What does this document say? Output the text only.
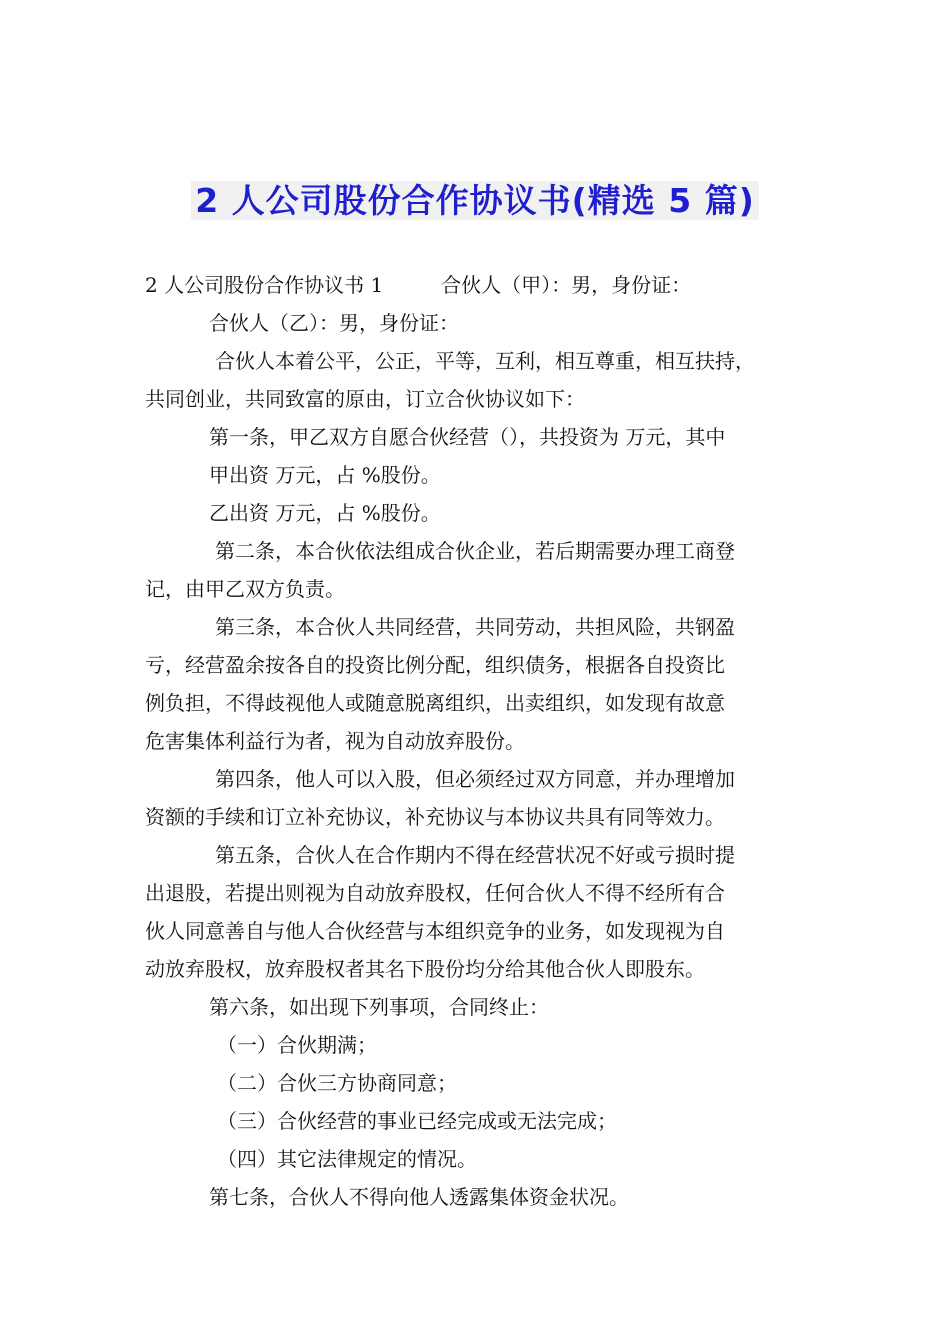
2 人公司股份合作协议书(精选 5 篇)
2 人公司股份合作协议书 1	合伙人（甲）：男，身份证：
合伙人（乙）：男，身份证：
合伙人本着公平，公正，平等，互利，相互尊重，相互扶持，
共同创业，共同致富的原由，订立合伙协议如下：
第一条，甲乙双方自愿合伙经营（），共投资为 万元，其中
甲出资 万元，占 %股份。
乙出资 万元，占 %股份。
第二条，本合伙依法组成合伙企业，若后期需要办理工商登
记，由甲乙双方负责。
第三条，本合伙人共同经营，共同劳动，共担风险，共钢盈
亏，经营盈余按各自的投资比例分配，组织债务，根据各自投资比
例负担，不得歧视他人或随意脱离组织，出卖组织，如发现有故意
危害集体利益行为者，视为自动放弃股份。
第四条，他人可以入股，但必须经过双方同意，并办理增加
资额的手续和订立补充协议，补充协议与本协议共具有同等效力。
第五条，合伙人在合作期内不得在经营状况不好或亏损时提
出退股，若提出则视为自动放弃股权，任何合伙人不得不经所有合
伙人同意善自与他人合伙经营与本组织竞争的业务，如发现视为自
动放弃股权，放弃股权者其名下股份均分给其他合伙人即股东。
第六条，如出现下列事项，合同终止：
（一）合伙期满；
（二）合伙三方协商同意；
（三）合伙经营的事业已经完成或无法完成；
（四）其它法律规定的情况。
第七条，合伙人不得向他人透露集体资金状况。
